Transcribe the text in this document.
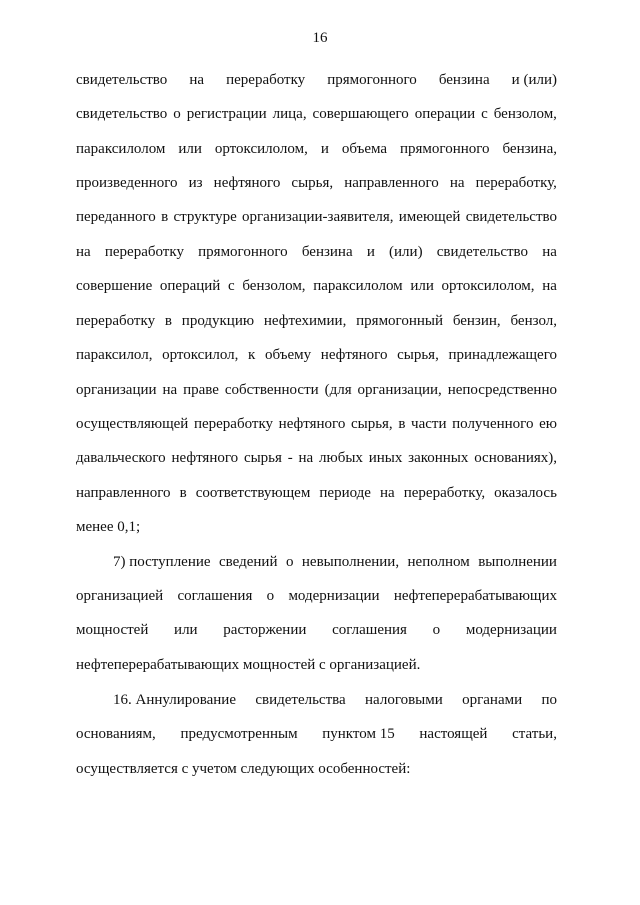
16
свидетельство на переработку прямогонного бензина и (или)
свидетельство о регистрации лица, совершающего операции с бензолом,
параксилолом или ортоксилолом, и объема прямогонного бензина,
произведенного из нефтяного сырья, направленного на переработку,
переданного в структуре организации-заявителя, имеющей свидетельство
на переработку прямогонного бензина и (или) свидетельство на
совершение операций с бензолом, параксилолом или ортоксилолом, на
переработку в продукцию нефтехимии, прямогонный бензин, бензол,
параксилол, ортоксилол, к объему нефтяного сырья, принадлежащего
организации на праве собственности (для организации, непосредственно
осуществляющей переработку нефтяного сырья, в части полученного ею
давальческого нефтяного сырья - на любых иных законных основаниях),
направленного в соответствующем периоде на переработку, оказалось
менее 0,1;
7) поступление сведений о невыполнении, неполном выполнении
организацией соглашения о модернизации нефтеперерабатывающих
мощностей или расторжении соглашения о модернизации
нефтеперерабатывающих мощностей с организацией.
16. Аннулирование свидетельства налоговыми органами по
основаниям, предусмотренным пунктом 15 настоящей статьи,
осуществляется с учетом следующих особенностей:
